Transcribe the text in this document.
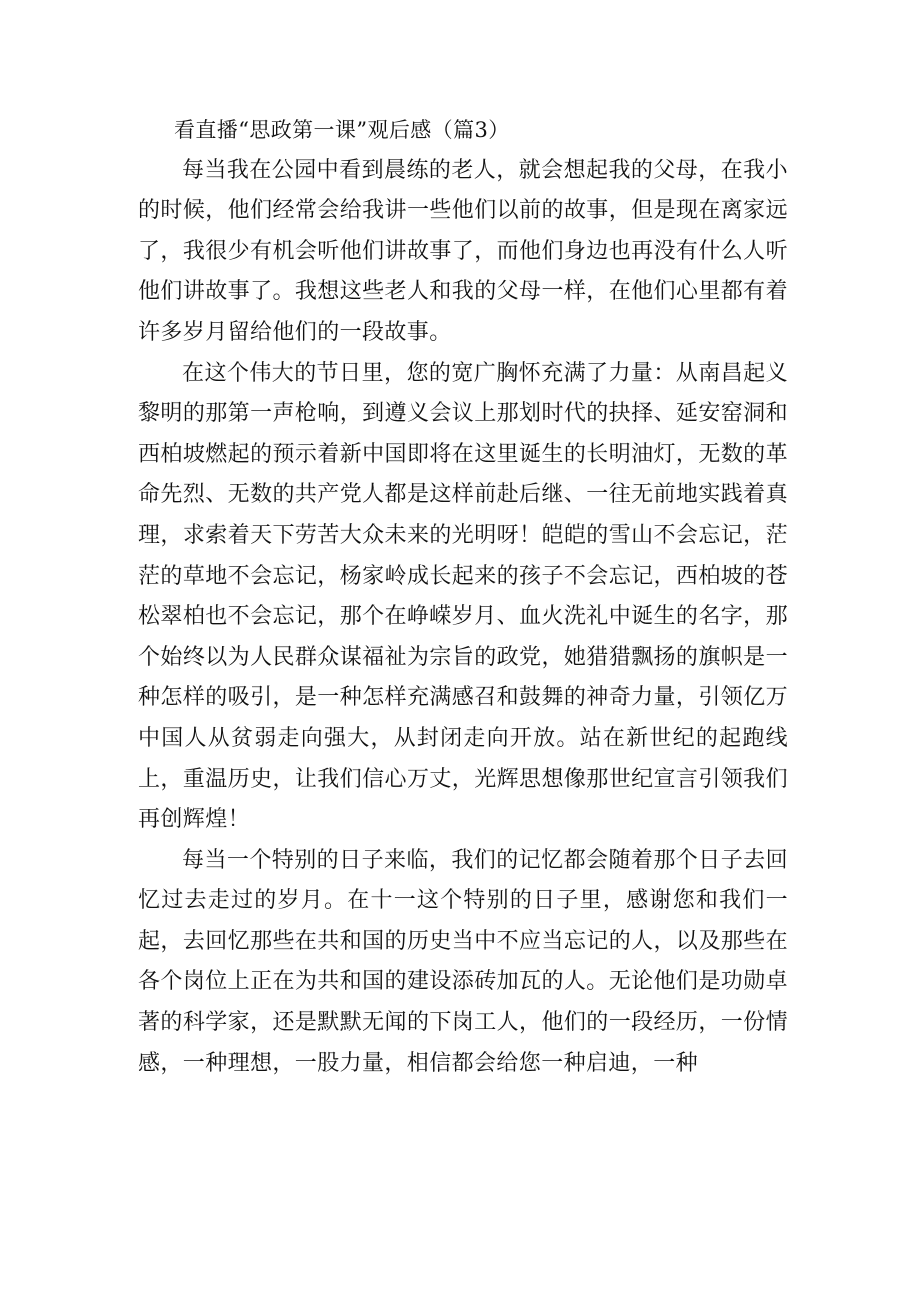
看直播“思政第一课”观后感（篇3）

每当我在公园中看到晨练的老人，就会想起我的父母，在我小的时候，他们经常会给我讲一些他们以前的故事，但是现在离家远了，我很少有机会听他们讲故事了，而他们身边也再没有什么人听他们讲故事了。我想这些老人和我的父母一样，在他们心里都有着许多岁月留给他们的一段故事。

在这个伟大的节日里，您的宽广胸怀充满了力量：从南昌起义黎明的那第一声枪响，到遵义会议上那划时代的抉择、延安窑洞和西柏坡燃起的预示着新中国即将在这里诞生的长明油灯，无数的革命先烈、无数的共产党人都是这样前赴后继、一往无前地实践着真理，求索着天下劳苦大众未来的光明呀！皑皑的雪山不会忘记，茫茫的草地不会忘记，杨家岭成长起来的孩子不会忘记，西柏坡的苍松翠柏也不会忘记，那个在峥嵘岁月、血火洗礼中诞生的名字，那个始终以为人民群众谋福祉为宗旨的政党，她猎猎飘扬的旗帜是一种怎样的吸引，是一种怎样充满感召和鼓舞的神奇力量，引领亿万中国人从贫弱走向强大，从封闭走向开放。站在新世纪的起跑线上，重温历史，让我们信心万丈，光辉思想像那世纪宣言引领我们再创辉煌！

每当一个特别的日子来临，我们的记忆都会随着那个日子去回忆过去走过的岁月。在十一这个特别的日子里，感谢您和我们一起，去回忆那些在共和国的历史当中不应当忘记的人，以及那些在各个岗位上正在为共和国的建设添砖加瓦的人。无论他们是功勋卓著的科学家，还是默默无闻的下岗工人，他们的一段经历，一份情感，一种理想，一股力量，相信都会给您一种启迪，一种
